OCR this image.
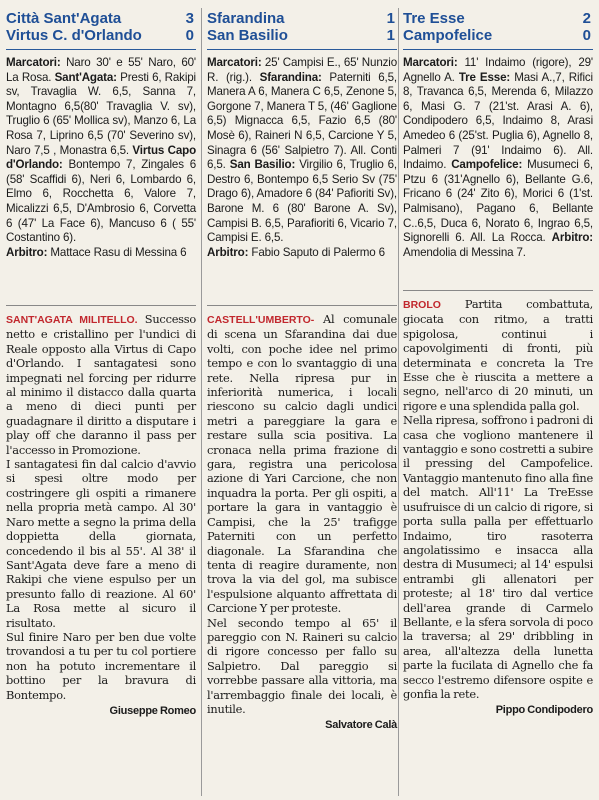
Città Sant'Agata	3
Virtus C. d'Orlando	0
Marcatori: Naro 30' e 55' Naro, 60' La Rosa. Sant'Agata: Presti 6, Rakipi sv, Travaglia W. 6,5, Sanna 7, Montagno 6,5(80' Travaglia V. sv), Truglio 6 (65' Mollica sv), Manzo 6, La Rosa 7, Liprino 6,5 (70' Severino sv), Naro 7,5 , Monastra 6,5. Virtus Capo d'Orlando: Bontempo 7, Zingales 6 (58' Scaffidi 6), Neri 6, Lombardo 6, Elmo 6, Rocchetta 6, Valore 7, Micalizzi 6,5, D'Ambrosio 6, Corvetta 6 (47' La Face 6), Mancuso 6 ( 55' Costantino 6).
Arbitro: Mattace Rasu di Messina 6

SANT'AGATA MILITELLO. Successo netto e cristallino per l'undici di Reale opposto alla Virtus di Capo d'Orlando. I santagatesi sono impegnati nel forcing per ridurre al minimo il distacco dalla quarta a meno di dieci punti per guadagnare il diritto a disputare i play off che daranno il pass per l'accesso in Promozione.

I santagatesi fin dal calcio d'avvio si spesi oltre modo per costringere gli ospiti a rimanere nella propria metà campo. Al 30' Naro mette a segno la prima della doppietta della giornata, concedendo il bis al 55'. Al 38' il Sant'Agata deve fare a meno di Rakipi che viene espulso per un presunto fallo di reazione. Al 60' La Rosa mette al sicuro il risultato.

Sul finire Naro per ben due volte trovandosi a tu per tu col portiere non ha potuto incrementare il bottino per la bravura di Bontempo.

Giuseppe Romeo
Sfarandina	1
San Basilio	1
Marcatori: 25' Campisi E., 65' Nunzio R. (rig.). Sfarandina: Paterniti 6,5, Manera A 6, Manera C 6,5, Zenone 5, Gorgone 7, Manera T 5, (46' Gaglione 6,5) Mignacca 6,5, Fazio 6,5 (80' Mosè 6), Raineri N 6,5, Carcione Y 5, Sinagra 6 (56' Salpietro 7). All. Conti 6,5. San Basilio: Virgilio 6, Truglio 6, Destro 6, Bontempo 6,5 Serio Sv (75' Drago 6), Amadore 6 (84' Pafioriti Sv), Barone M. 6 (80' Barone A. Sv), Campisi B. 6,5, Parafioriti 6, Vicario 7, Campisi E. 6,5.
Arbitro: Fabio Saputo di Palermo 6

CASTELL'UMBERTO- Al comunale di scena un Sfarandina dai due volti, con poche idee nel primo tempo e con lo svantaggio di una rete. Nella ripresa pur in inferiorità numerica, i locali riescono su calcio dagli undici metri a pareggiare la gara e restare sulla scia positiva. La cronaca nella prima frazione di gara, registra una pericolosa azione di Yari Carcione, che non inquadra la porta. Per gli ospiti, a portare la gara in vantaggio è Campisi, che la 25' trafigge Paterniti con un perfetto diagonale. La Sfarandina che tenta di reagire duramente, non trova la via del gol, ma subisce l'espulsione alquanto affrettata di Carcione Y per proteste.

Nel secondo tempo al 65' il pareggio con N. Raineri su calcio di rigore concesso per fallo su Salpietro. Dal pareggio si vorrebbe passare alla vittoria, ma l'arrembaggio finale dei locali, è inutile.

Salvatore Calà
Tre Esse	2
Campofelice	0
Marcatori: 11' Indaimo (rigore), 29' Agnello A. Tre Esse: Masi A.,7, Rifici 8, Travanca 6,5, Merenda 6, Milazzo 6, Masi G. 7 (21'st. Arasi A. 6), Condipodero 6,5, Indaimo 8, Arasi Amedeo 6 (25'st. Puglia 6), Agnello 8, Palmeri 7 (91' Indaimo 6). All. Indaimo. Campofelice: Musumeci 6, Ptzu 6 (31'Agnello 6), Bellante G.6, Fricano 6 (24' Zito 6), Morici 6 (1'st. Palmisano), Pagano 6, Bellante C..6,5, Duca 6, Norato 6, Ingrao 6,5, Signorelli 6. All. La Rocca. Arbitro: Amendolia di Messina 7.

BROLO Partita combattuta, giocata con ritmo, a tratti spigolosa, continui i capovolgimenti di fronti, più determinata e concreta la Tre Esse che è riuscita a mettere a segno, nell'arco di 20 minuti, un rigore e una splendida palla gol.

Nella ripresa, soffrono i padroni di casa che vogliono mantenere il vantaggio e sono costretti a subire il pressing del Campofelice. Vantaggio mantenuto fino alla fine del match. All'11' La TreEsse usufruisce di un calcio di rigore, si porta sulla palla per effettuarlo Indaimo, tiro rasoterra angolatissimo e insacca alla destra di Musumeci; al 14' espulsi entrambi gli allenatori per proteste; al 18' tiro dal vertice dell'area grande di Carmelo Bellante, e la sfera sorvola di poco la traversa; al 29' dribbling in area, all'altezza della lunetta parte la fucilata di Agnello che fa secco l'estremo difensore ospite e gonfia la rete.

Pippo Condipodero
